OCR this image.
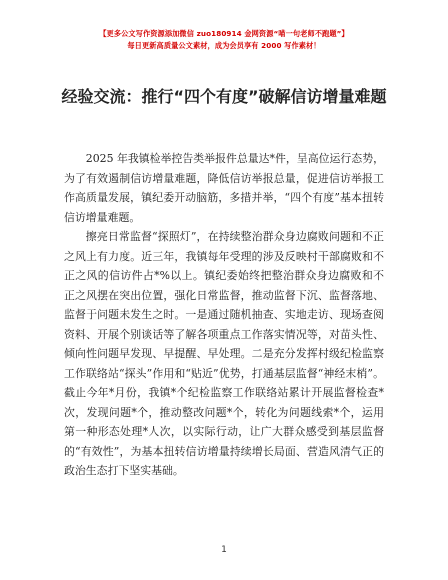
【更多公文写作资源添加微信 zuo180914 金网资源“喵一句老师不跑题”】
每日更新高质量公文素材，成为会员享有 2000 写作素材！
经验交流：推行“四个有度”破解信访增量难题

2025 年我镇检举控告类举报件总量达*件，呈高位运行态势，为了有效遏制信访增量难题，降低信访举报总量，促进信访举报工作高质量发展，镇纪委开动脑筋，多措并举，“四个有度”基本扭转信访增量难题。

擦亮日常监督“探照灯”，在持续整治群众身边腐败问题和不正之风上有力度。近三年，我镇每年受理的涉及反映村干部腐败和不正之风的信访件占*%以上。镇纪委始终把整治群众身边腐败和不正之风摆在突出位置，强化日常监督，推动监督下沉、监督落地、监督于问题未发生之时。一是通过随机抽查、实地走访、现场查阅资料、开展个别谈话等了解各项重点工作落实情况等，对苗头性、倾向性问题早发现、早提醒、早处理。二是充分发挥村级纪检监察工作联络站“探头”作用和“贴近”优势，打通基层监督“神经末梢”。截止今年*月份，我镇*个纪检监察工作联络站累计开展监督检查*次，发现问题*个，推动整改问题*个，转化为问题线索*个，运用第一种形态处理*人次，以实际行动，让广大群众感受到基层监督的“有效性”，为基本扭转信访增量持续增长局面、营造风清气正的政治生态打下坚实基础。

1
